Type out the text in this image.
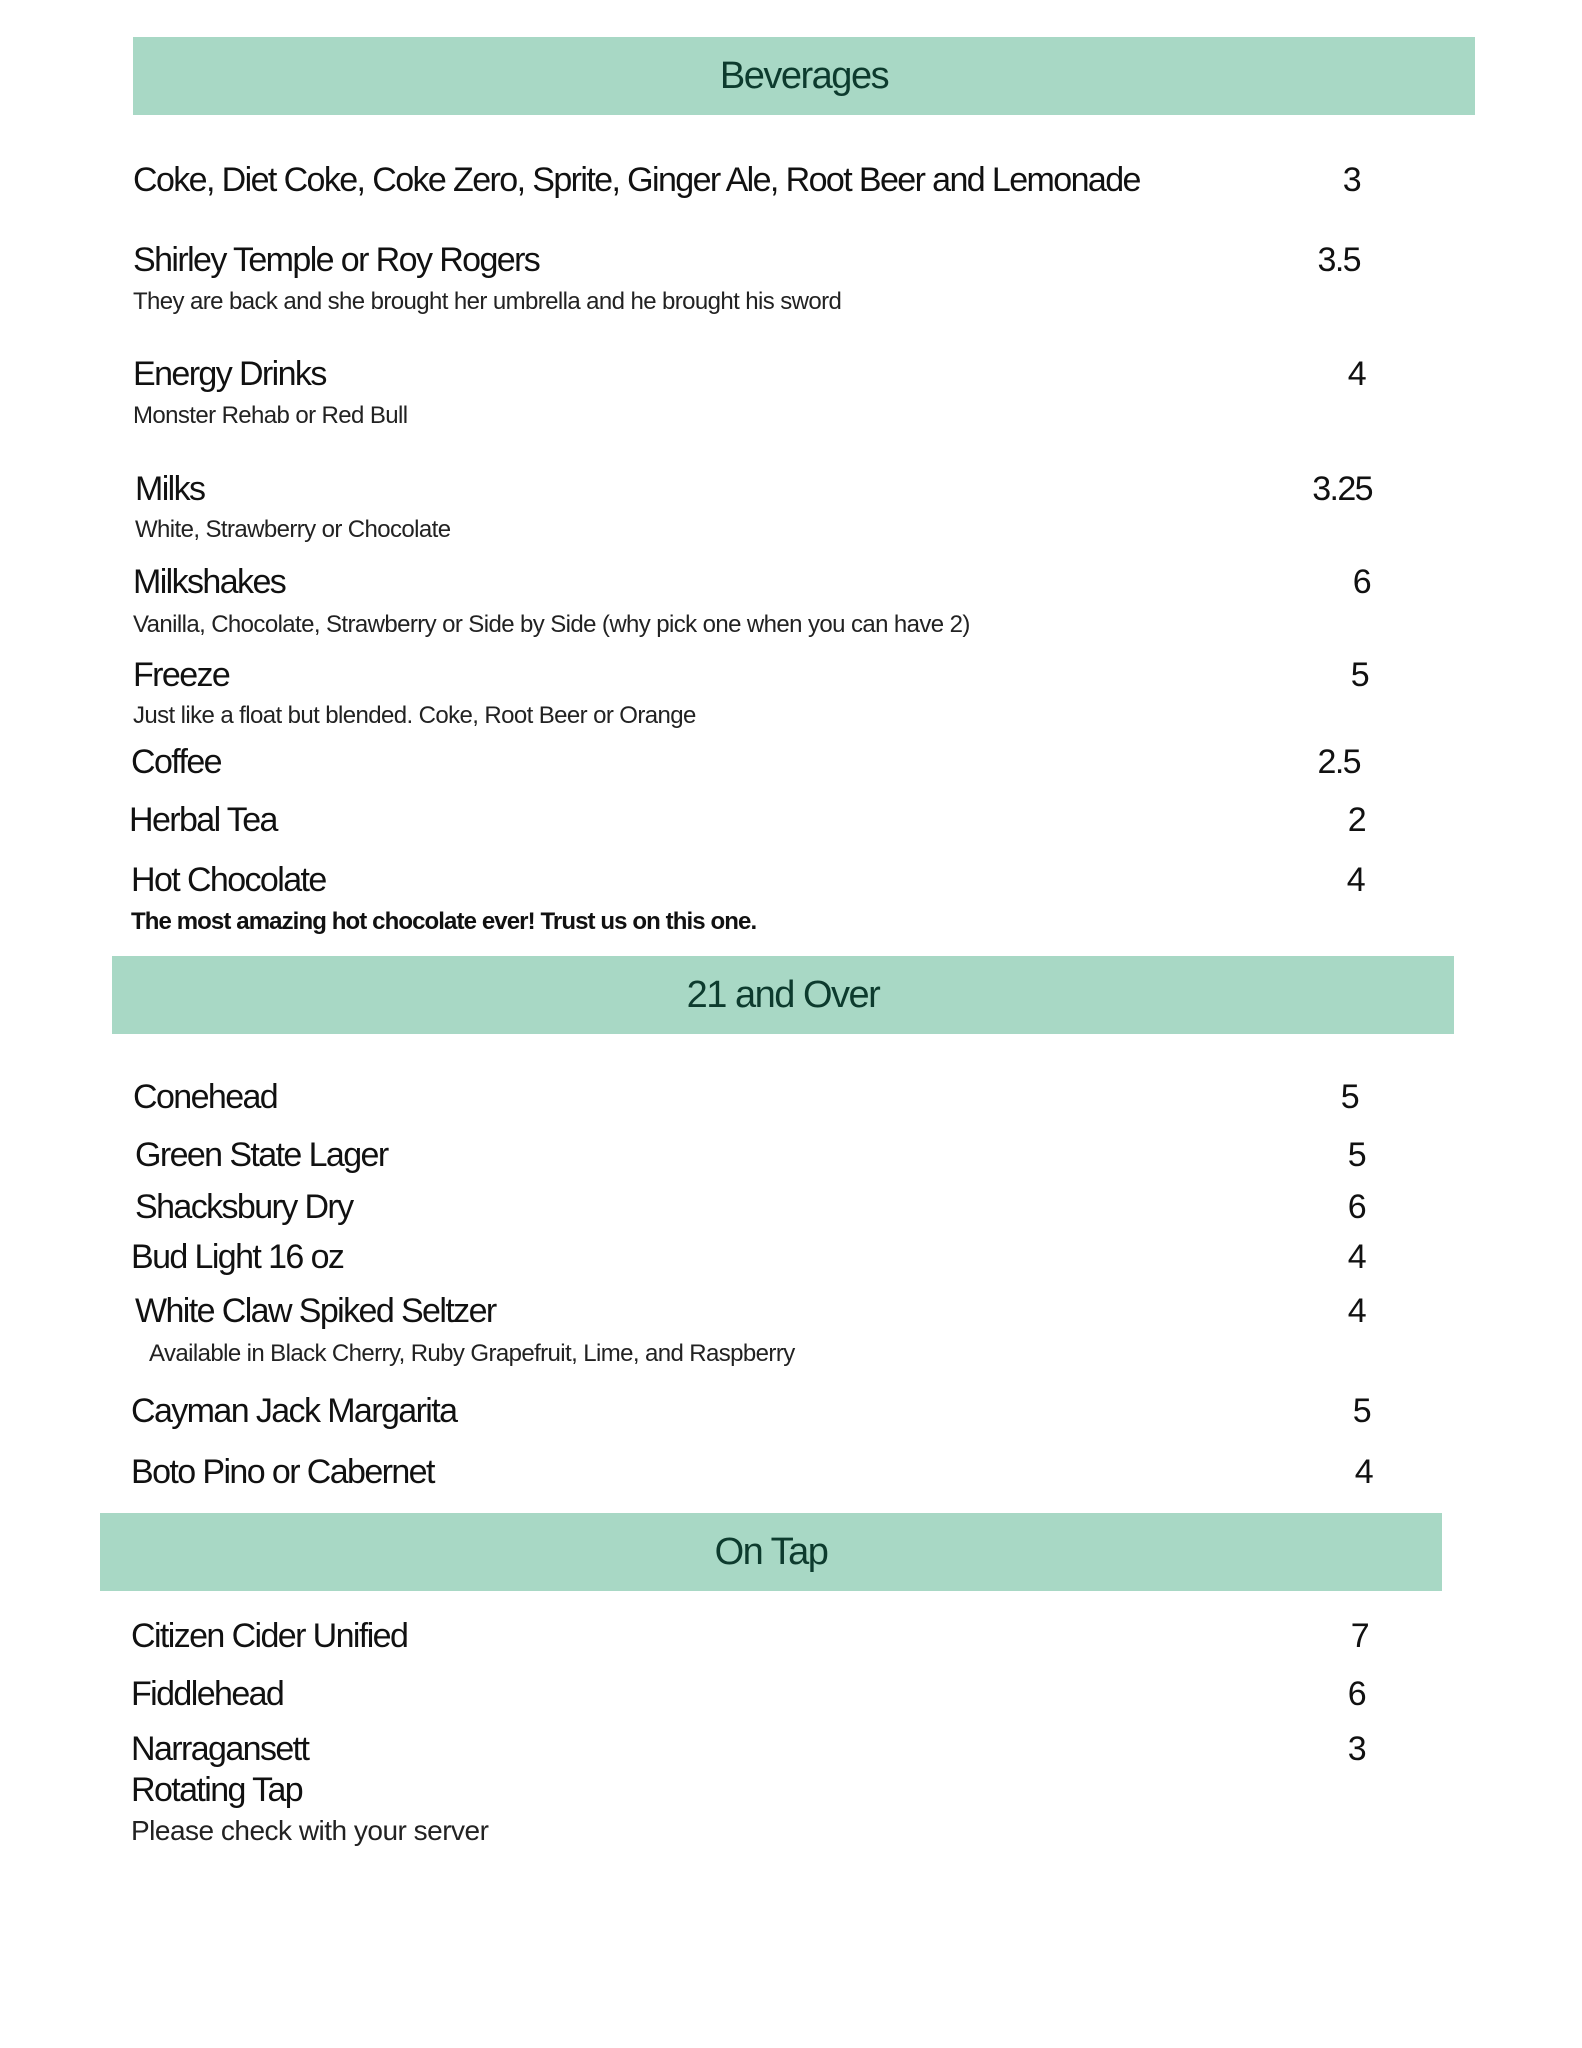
Beverages
Coke, Diet Coke, Coke Zero, Sprite, Ginger Ale, Root Beer and Lemonade	3
Shirley Temple or Roy Rogers	3.5
They are back and she brought her umbrella and he brought his sword
Energy Drinks	4
Monster Rehab or Red Bull
Milks	3.25
White, Strawberry or Chocolate
Milkshakes	6
Vanilla, Chocolate, Strawberry or Side by Side (why pick one when you can have 2)
Freeze	5
Just like a float but blended. Coke, Root Beer or Orange
Coffee	2.5
Herbal Tea	2
Hot Chocolate	4
The most amazing hot chocolate ever! Trust us on this one.
21 and Over
Conehead	5
Green State Lager	5
Shacksbury Dry	6
Bud Light 16 oz	4
White Claw Spiked Seltzer	4
Available in Black Cherry, Ruby Grapefruit, Lime, and Raspberry
Cayman Jack Margarita	5
Boto Pino or Cabernet	4
On Tap
Citizen Cider Unified	7
Fiddlehead	6
Narragansett	3
Rotating Tap
Please check with your server
